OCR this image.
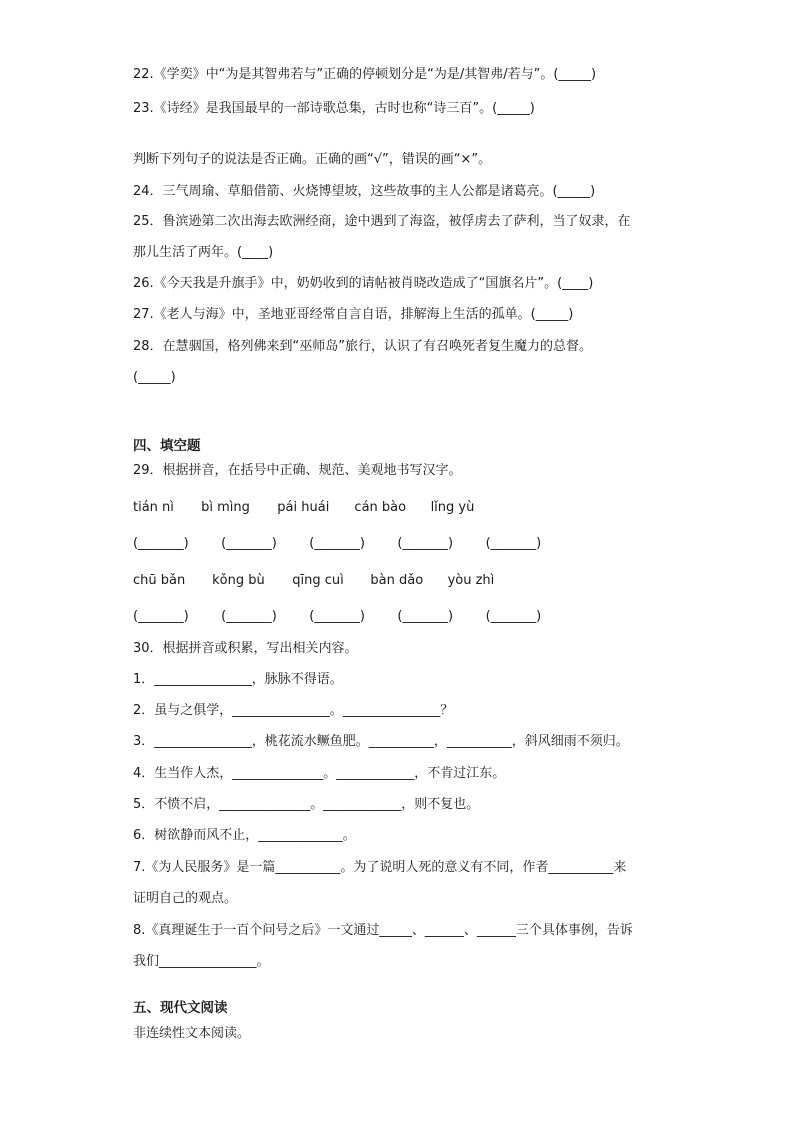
22.《学奕》中“为是其智弗若与”正确的停顿划分是“为是/其智弗/若与”。(_____)
23.《诗经》是我国最早的一部诗歌总集，古时也称“诗三百”。(_____)
判断下列句子的说法是否正确。正确的画“√”，错误的画“×”。
24．三气周瑜、草船借箭、火烧博望坡，这些故事的主人公都是诸葛亮。(_____)
25．鲁滨逊第二次出海去欧洲经商，途中遇到了海盗，被俘虏去了萨利，当了奴隶，在
那儿生活了两年。(____)
26.《今天我是升旗手》中，奶奶收到的请帖被肖晓改造成了“国旗名片”。(____)
27.《老人与海》中，圣地亚哥经常自言自语，排解海上生活的孤单。(_____)
28．在慧骃国，格列佛来到“巫师岛”旅行，认识了有召唤死者复生魔力的总督。
(_____)
四、填空题
29．根据拼音，在括号中正确、规范、美观地书写汉字。
tián nì bì mìng pái huái cán bào lǐng yù
(_______) (_______) (_______) (_______) (_______)
chū bǎn kǒng bù qīng cuì bàn dǎo yòu zhì
(_______) (_______) (_______) (_______) (_______)
30．根据拼音或积累，写出相关内容。
1．_______________，脉脉不得语。
2．虽与之俱学，_______________。_______________？
3．_______________，桃花流水鳜鱼肥。__________，__________，斜风细雨不须归。
4．生当作人杰，______________。____________，不肯过江东。
5．不愤不启，______________。____________，则不复也。
6．树欲静而风不止，_____________。
7.《为人民服务》是一篇__________。为了说明人死的意义有不同，作者__________来
证明自己的观点。
8.《真理诞生于一百个问号之后》一文通过_____、______、______三个具体事例，告诉
我们_______________。
五、现代文阅读
非连续性文本阅读。
